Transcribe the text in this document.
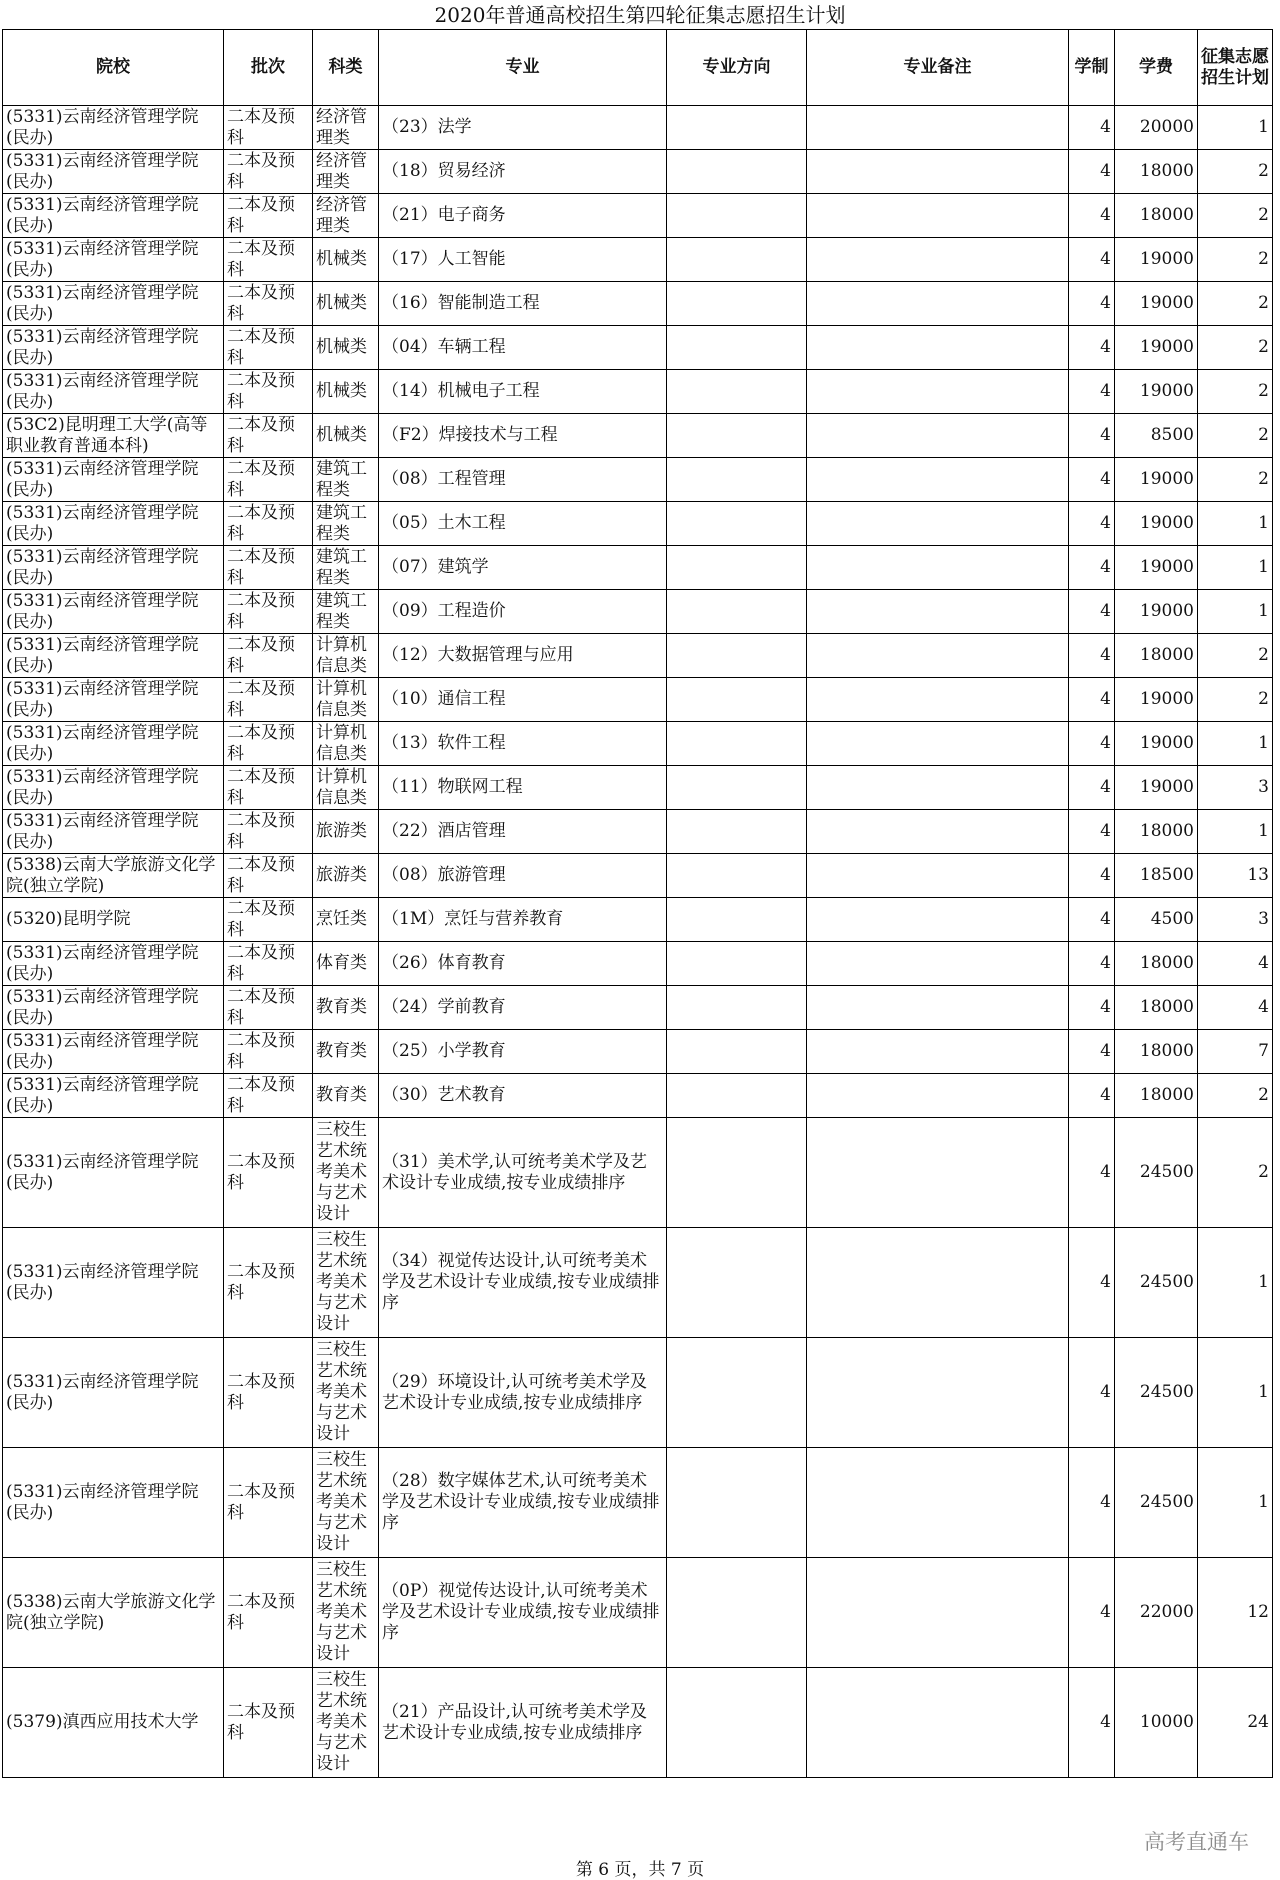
2020年普通高校招生第四轮征集志愿招生计划
院校	批次	科类	专业	专业方向	专业备注	学制	学费	征集志愿招生计划
(5331)云南经济管理学院(民办)	二本及预科	经济管理类	（23）法学			4	20000	1
(5331)云南经济管理学院(民办)	二本及预科	经济管理类	（18）贸易经济			4	18000	2
(5331)云南经济管理学院(民办)	二本及预科	经济管理类	（21）电子商务			4	18000	2
(5331)云南经济管理学院(民办)	二本及预科	机械类	（17）人工智能			4	19000	2
(5331)云南经济管理学院(民办)	二本及预科	机械类	（16）智能制造工程			4	19000	2
(5331)云南经济管理学院(民办)	二本及预科	机械类	（04）车辆工程			4	19000	2
(5331)云南经济管理学院(民办)	二本及预科	机械类	（14）机械电子工程			4	19000	2
(53C2)昆明理工大学(高等职业教育普通本科)	二本及预科	机械类	（F2）焊接技术与工程			4	8500	2
(5331)云南经济管理学院(民办)	二本及预科	建筑工程类	（08）工程管理			4	19000	2
(5331)云南经济管理学院(民办)	二本及预科	建筑工程类	（05）土木工程			4	19000	1
(5331)云南经济管理学院(民办)	二本及预科	建筑工程类	（07）建筑学			4	19000	1
(5331)云南经济管理学院(民办)	二本及预科	建筑工程类	（09）工程造价			4	19000	1
(5331)云南经济管理学院(民办)	二本及预科	计算机信息类	（12）大数据管理与应用			4	18000	2
(5331)云南经济管理学院(民办)	二本及预科	计算机信息类	（10）通信工程			4	19000	2
(5331)云南经济管理学院(民办)	二本及预科	计算机信息类	（13）软件工程			4	19000	1
(5331)云南经济管理学院(民办)	二本及预科	计算机信息类	（11）物联网工程			4	19000	3
(5331)云南经济管理学院(民办)	二本及预科	旅游类	（22）酒店管理			4	18000	1
(5338)云南大学旅游文化学院(独立学院)	二本及预科	旅游类	（08）旅游管理			4	18500	13
(5320)昆明学院	二本及预科	烹饪类	（1M）烹饪与营养教育			4	4500	3
(5331)云南经济管理学院(民办)	二本及预科	体育类	（26）体育教育			4	18000	4
(5331)云南经济管理学院(民办)	二本及预科	教育类	（24）学前教育			4	18000	4
(5331)云南经济管理学院(民办)	二本及预科	教育类	（25）小学教育			4	18000	7
(5331)云南经济管理学院(民办)	二本及预科	教育类	（30）艺术教育			4	18000	2
(5331)云南经济管理学院(民办)	二本及预科	三校生艺术统考美术与艺术设计	（31）美术学,认可统考美术学及艺术设计专业成绩,按专业成绩排序			4	24500	2
(5331)云南经济管理学院(民办)	二本及预科	三校生艺术统考美术与艺术设计	（34）视觉传达设计,认可统考美术学及艺术设计专业成绩,按专业成绩排序			4	24500	1
(5331)云南经济管理学院(民办)	二本及预科	三校生艺术统考美术与艺术设计	（29）环境设计,认可统考美术学及艺术设计专业成绩,按专业成绩排序			4	24500	1
(5331)云南经济管理学院(民办)	二本及预科	三校生艺术统考美术与艺术设计	（28）数字媒体艺术,认可统考美术学及艺术设计专业成绩,按专业成绩排序			4	24500	1
(5338)云南大学旅游文化学院(独立学院)	二本及预科	三校生艺术统考美术与艺术设计	（0P）视觉传达设计,认可统考美术学及艺术设计专业成绩,按专业成绩排序			4	22000	12
(5379)滇西应用技术大学	二本及预科	三校生艺术统考美术与艺术设计	（21）产品设计,认可统考美术学及艺术设计专业成绩,按专业成绩排序			4	10000	24
高考直通车
第 6 页，共 7 页
